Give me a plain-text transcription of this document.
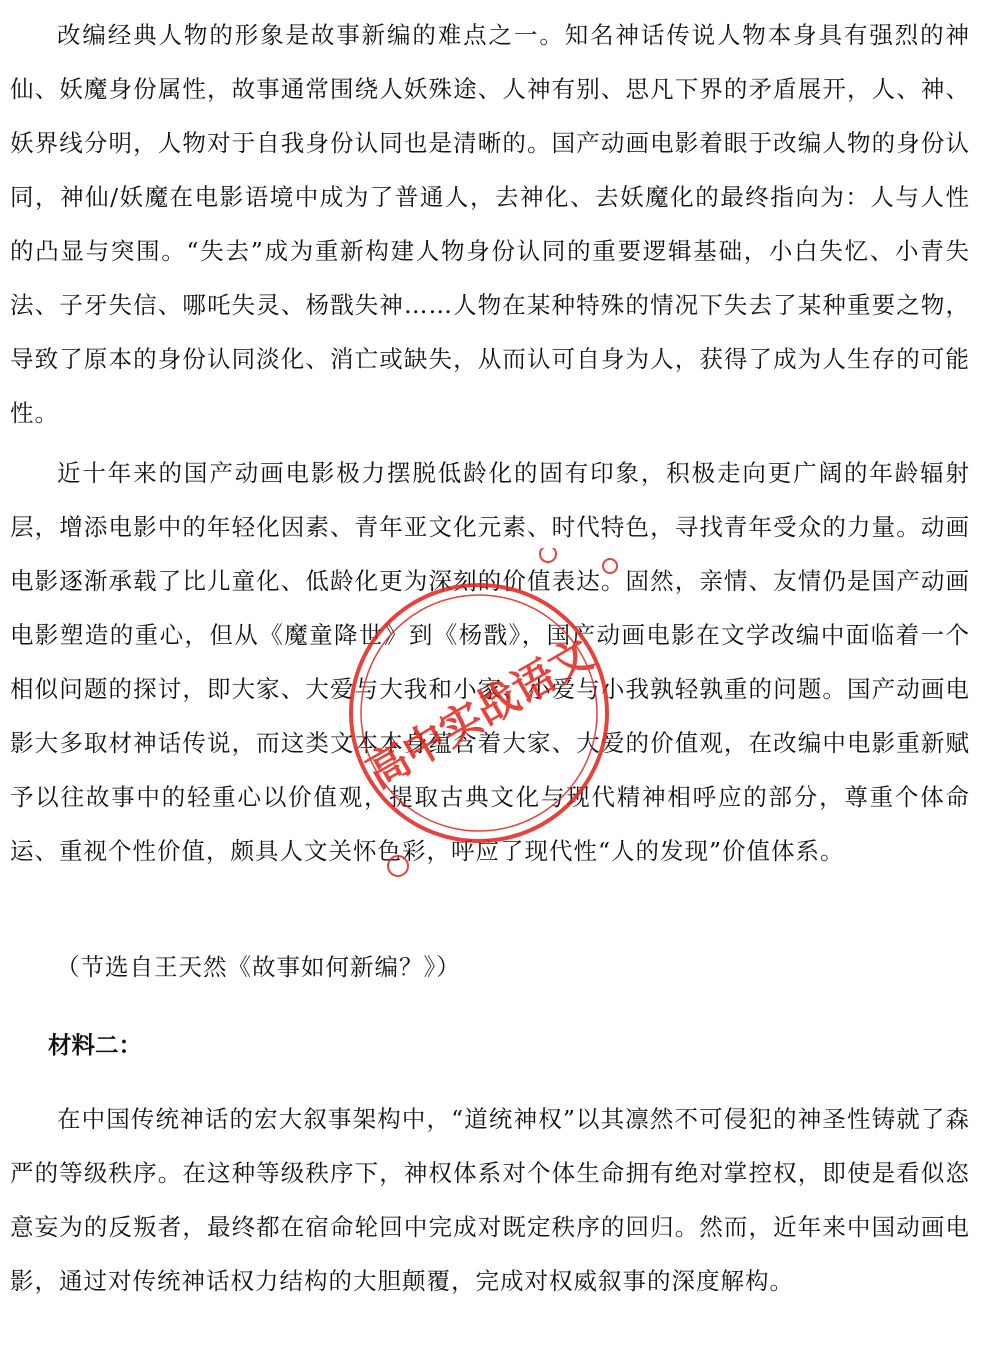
改编经典人物的形象是故事新编的难点之一。知名神话传说人物本身具有强烈的神仙、妖魔身份属性，故事通常围绕人妖殊途、人神有别、思凡下界的矛盾展开，人、神、妖界线分明，人物对于自我身份认同也是清晰的。国产动画电影着眼于改编人物的身份认同，神仙/妖魔在电影语境中成为了普通人，去神化、去妖魔化的最终指向为：人与人性的凸显与突围。“失去”成为重新构建人物身份认同的重要逻辑基础，小白失忆、小青失法、子牙失信、哪吒失灵、杨戬失神……人物在某种特殊的情况下失去了某种重要之物，导致了原本的身份认同淡化、消亡或缺失，从而认可自身为人，获得了成为人生存的可能性。

近十年来的国产动画电影极力摆脱低龄化的固有印象，积极走向更广阔的年龄辐射层，增添电影中的年轻化因素、青年亚文化元素、时代特色，寻找青年受众的力量。动画电影逐渐承载了比儿童化、低龄化更为深刻的价值表达。固然，亲情、友情仍是国产动画电影塑造的重心，但从《魔童降世》到《杨戬》，国产动画电影在文学改编中面临着一个相似问题的探讨，即大家、大爱与大我和小家、小爱与小我孰轻孰重的问题。国产动画电影大多取材神话传说，而这类文本本身蕴含着大家、大爱的价值观，在改编中电影重新赋予以往故事中的轻重心以价值观，提取古典文化与现代精神相呼应的部分，尊重个体命运、重视个性价值，颇具人文关怀色彩，呼应了现代性“人的发现”价值体系。

（节选自王天然《故事如何新编？》）

材料二：

在中国传统神话的宏大叙事架构中，“道统神权”以其凛然不可侵犯的神圣性铸就了森严的等级秩序。在这种等级秩序下，神权体系对个体生命拥有绝对掌控权，即使是看似恣意妄为的反叛者，最终都在宿命轮回中完成对既定秩序的回归。然而，近年来中国动画电影，通过对传统神话权力结构的大胆颠覆，完成对权威叙事的深度解构。

高中实战语文
